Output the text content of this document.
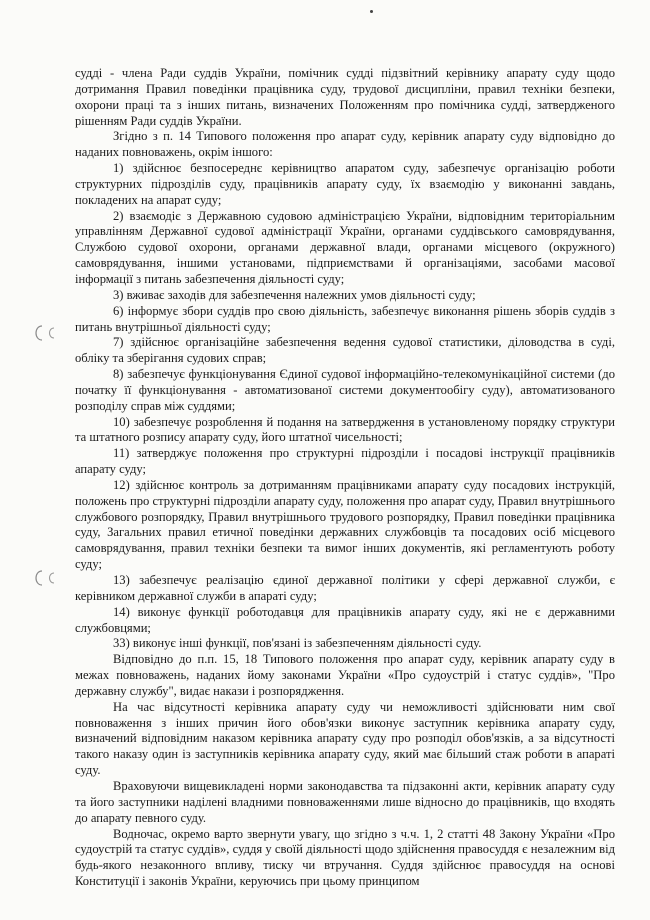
судді - члена Ради суддів України, помічник судді підзвітний керівнику апарату суду щодо дотримання Правил поведінки працівника суду, трудової дисципліни, правил техніки безпеки, охорони праці та з інших питань, визначених Положенням про помічника судді, затвердженого рішенням Ради суддів України.

Згідно з п. 14 Типового положення про апарат суду, керівник апарату суду відповідно до наданих повноважень, окрім іншого:

1) здійснює безпосереднє керівництво апаратом суду, забезпечує організацію роботи структурних підрозділів суду, працівників апарату суду, їх взаємодію у виконанні завдань, покладених на апарат суду;

2) взаємодіє з Державною судовою адміністрацією України, відповідним територіальним управлінням Державної судової адміністрації України, органами суддівського самоврядування, Службою судової охорони, органами державної влади, органами місцевого (окружного) самоврядування, іншими установами, підприємствами й організаціями, засобами масової інформації з питань забезпечення діяльності суду;

3) вживає заходів для забезпечення належних умов діяльності суду;

6) інформує збори суддів про свою діяльність, забезпечує виконання рішень зборів суддів з питань внутрішньої діяльності суду;

7) здійснює організаційне забезпечення ведення судової статистики, діловодства в суді, обліку та зберігання судових справ;

8) забезпечує функціонування Єдиної судової інформаційно-телекомунікаційної системи (до початку її функціонування - автоматизованої системи документообігу суду), автоматизованого розподілу справ між суддями;

10) забезпечує розроблення й подання на затвердження в установленому порядку структури та штатного розпису апарату суду, його штатної чисельності;

11) затверджує положення про структурні підрозділи і посадові інструкції працівників апарату суду;

12) здійснює контроль за дотриманням працівниками апарату суду посадових інструкцій, положень про структурні підрозділи апарату суду, положення про апарат суду, Правил внутрішнього службового розпорядку, Правил внутрішнього трудового розпорядку, Правил поведінки працівника суду, Загальних правил етичної поведінки державних службовців та посадових осіб місцевого самоврядування, правил техніки безпеки та вимог інших документів, які регламентують роботу суду;

13) забезпечує реалізацію єдиної державної політики у сфері державної служби, є керівником державної служби в апараті суду;

14) виконує функції роботодавця для працівників апарату суду, які не є державними службовцями;

33) виконує інші функції, пов'язані із забезпеченням діяльності суду.

Відповідно до п.п. 15, 18 Типового положення про апарат суду, керівник апарату суду в межах повноважень, наданих йому законами України «Про судоустрій і статус суддів», "Про державну службу", видає накази і розпорядження.

На час відсутності керівника апарату суду чи неможливості здійснювати ним свої повноваження з інших причин його обов'язки виконує заступник керівника апарату суду, визначений відповідним наказом керівника апарату суду про розподіл обов'язків, а за відсутності такого наказу один із заступників керівника апарату суду, який має більший стаж роботи в апараті суду.

Враховуючи вищевикладені норми законодавства та підзаконні акти, керівник апарату суду та його заступники наділені владними повноваженнями лише відносно до працівників, що входять до апарату певного суду.

Водночас, окремо варто звернути увагу, що згідно з ч.ч. 1, 2 статті 48 Закону України «Про судоустрій та статус суддів», суддя у своїй діяльності щодо здійснення правосуддя є незалежним від будь-якого незаконного впливу, тиску чи втручання. Суддя здійснює правосуддя на основі Конституції і законів України, керуючись при цьому принципом
